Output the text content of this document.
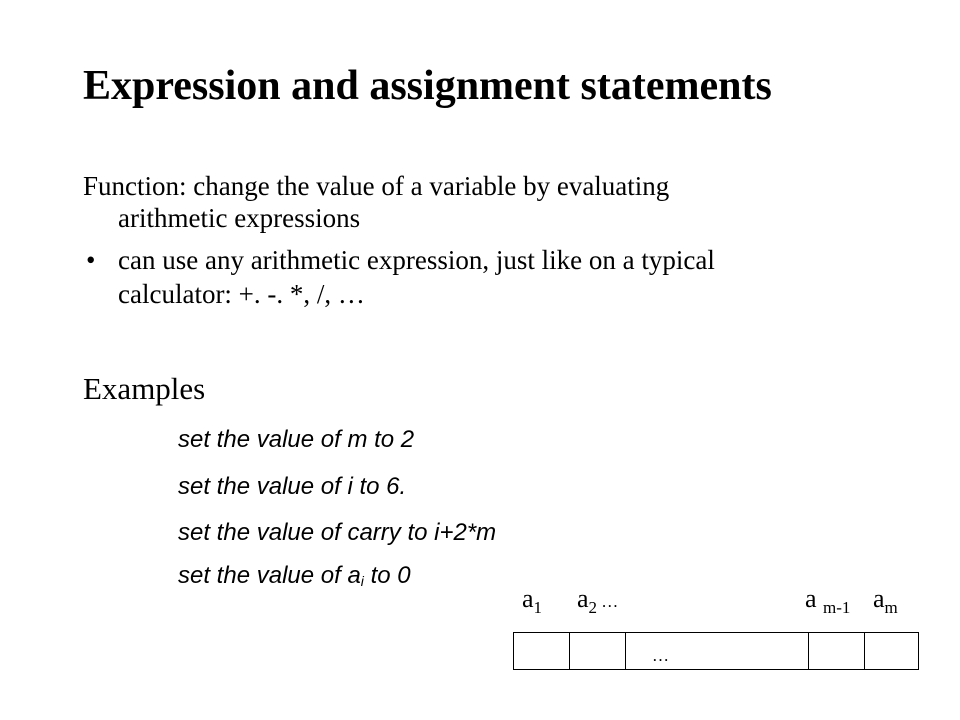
Expression and assignment statements
Function: change the value of a variable by evaluating
arithmetic expressions
• can use any arithmetic expression, just like on a typical
calculator: +. -. *, /, …
Examples
set the value of m to 2
set the value of i to 6.
set the value of carry to i+2*m
set the value of $a_i$ to 0
$a_1$ $a_2$ …	a $_{m-1}$ $a_m$
…
